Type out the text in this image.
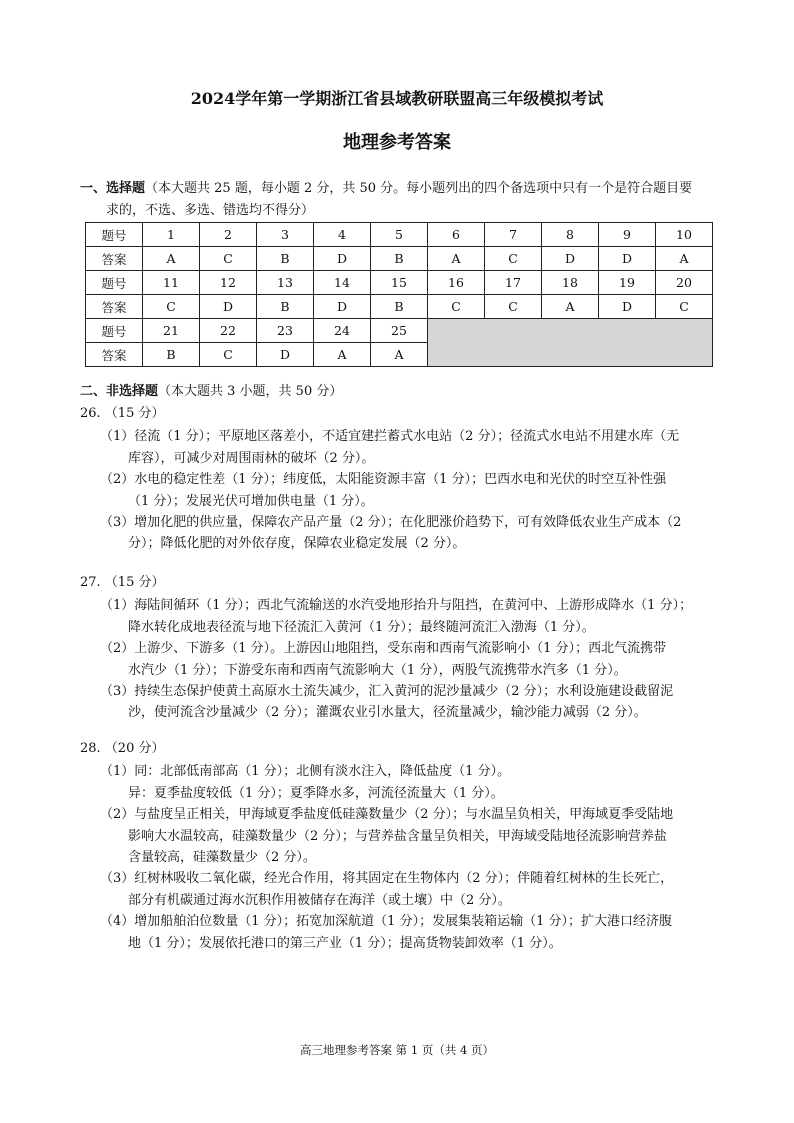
2024学年第一学期浙江省县域教研联盟高三年级模拟考试
地理参考答案
一、选择题（本大题共 25 题，每小题 2 分，共 50 分。每小题列出的四个备选项中只有一个是符合题目要
求的，不选、多选、错选均不得分）
题号	1	2	3	4	5	6	7	8	9	10
答案	A	C	B	D	B	A	C	D	D	A
题号	11	12	13	14	15	16	17	18	19	20
答案	C	D	B	D	B	C	C	A	D	C
题号	21	22	23	24	25					
答案	B	C	D	A	A					
二、非选择题（本大题共 3 小题，共 50 分）
26. （15 分）
（1）径流（1 分）；平原地区落差小，不适宜建拦蓄式水电站（2 分）；径流式水电站不用建水库（无
库容），可减少对周围雨林的破坏（2 分）。
（2）水电的稳定性差（1 分）；纬度低，太阳能资源丰富（1 分）；巴西水电和光伏的时空互补性强
（1 分）；发展光伏可增加供电量（1 分）。
（3）增加化肥的供应量，保障农产品产量（2 分）；在化肥涨价趋势下，可有效降低农业生产成本（2
分）；降低化肥的对外依存度，保障农业稳定发展（2 分）。
27. （15 分）
（1）海陆间循环（1 分）；西北气流输送的水汽受地形抬升与阻挡，在黄河中、上游形成降水（1 分）；
降水转化成地表径流与地下径流汇入黄河（1 分）；最终随河流汇入渤海（1 分）。
（2）上游少、下游多（1 分）。上游因山地阻挡，受东南和西南气流影响小（1 分）；西北气流携带
水汽少（1 分）；下游受东南和西南气流影响大（1 分），两股气流携带水汽多（1 分）。
（3）持续生态保护使黄土高原水土流失减少，汇入黄河的泥沙量减少（2 分）；水利设施建设截留泥
沙，使河流含沙量减少（2 分）；灌溉农业引水量大，径流量减少，输沙能力减弱（2 分）。
28. （20 分）
（1）同：北部低南部高（1 分）；北侧有淡水注入，降低盐度（1 分）。
异：夏季盐度较低（1 分）；夏季降水多，河流径流量大（1 分）。
（2）与盐度呈正相关，甲海域夏季盐度低硅藻数量少（2 分）；与水温呈负相关，甲海域夏季受陆地
影响大水温较高，硅藻数量少（2 分）；与营养盐含量呈负相关，甲海域受陆地径流影响营养盐
含量较高，硅藻数量少（2 分）。
（3）红树林吸收二氧化碳，经光合作用，将其固定在生物体内（2 分）；伴随着红树林的生长死亡，
部分有机碳通过海水沉积作用被储存在海洋（或土壤）中（2 分）。
（4）增加船舶泊位数量（1 分）；拓宽加深航道（1 分）；发展集装箱运输（1 分）；扩大港口经济腹
地（1 分）；发展依托港口的第三产业（1 分）；提高货物装卸效率（1 分）。
高三地理参考答案 第 1 页（共 4 页）
